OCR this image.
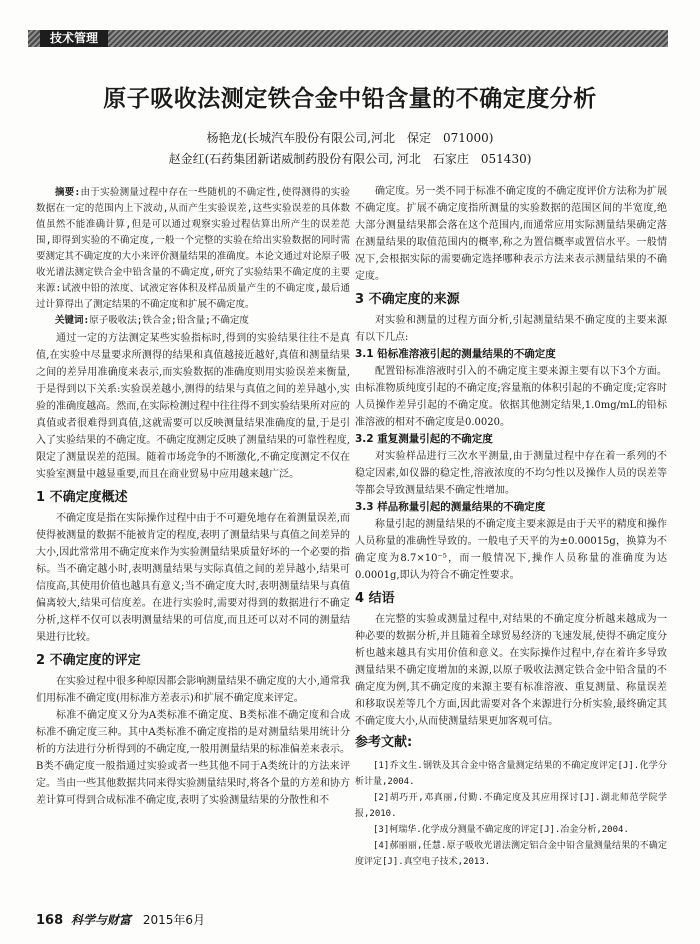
技术管理
原子吸收法测定铁合金中铅含量的不确定度分析
杨艳龙(长城汽车股份有限公司,河北　保定　071000)
赵金红(石药集团新诺威制药股份有限公司, 河北　石家庄　051430)
摘要:由于实验测量过程中存在一些随机的不确定性,使得测得的实验数据在一定的范围内上下波动,从而产生实验误差,这些实验误差的具体数值虽然不能准确计算,但是可以通过观察实验过程估算出所产生的误差范围,即得到实验的不确定度,一般一个完整的实验在给出实验数据的同时需要测定其不确定度的大小来评价测量结果的准确度。本论文通过对论原子吸收光谱法测定铁合金中铅含量的不确定度,研究了实验结果不确定度的主要来源:试液中铅的浓度、试液定容体积及样品质量产生的不确定度,最后通过计算得出了测定结果的不确定度和扩展不确定度。
关键词:原子吸收法;铁合金;铅含量;不确定度

通过一定的方法测定某些实验指标时,得到的实验结果往往不是真值,在实验中尽量要求所测得的结果和真值越接近越好,真值和测量结果之间的差异用准确度来表示,而实验数据的准确度则用实验误差来衡量,于是得到以下关系:实验误差越小,测得的结果与真值之间的差异越小,实验的准确度越高。然而,在实际检测过程中往往得不到实验结果所对应的真值或者很难得到真值,这就需要可以反映测量结果准确度的量,于是引入了实验结果的不确定度。不确定度测定反映了测量结果的可靠性程度,限定了测量误差的范围。随着市场竞争的不断激化,不确定度测定不仅在实验室测量中越显重要,而且在商业贸易中应用越来越广泛。

1 不确定度概述

不确定度是指在实际操作过程中由于不可避免地存在着测量误差,而使得被测量的数据不能被肯定的程度,表明了测量结果与真值之间差异的大小,因此常常用不确定度来作为实验测量结果质量好坏的一个必要的指标。当不确定越小时,表明测量结果与实际真值之间的差异越小,结果可信度高,其使用价值也越具有意义;当不确定度大时,表明测量结果与真值偏离较大,结果可信度差。在进行实验时,需要对得到的数据进行不确定分析,这样不仅可以表明测量结果的可信度,而且还可以对不同的测量结果进行比较。

2 不确定度的评定

在实验过程中很多种原因都会影响测量结果不确定度的大小,通常我们用标准不确定度(用标准方差表示)和扩展不确定度来评定。

标准不确定度又分为A类标准不确定度、B类标准不确定度和合成标准不确定度三种。其中A类标准不确定度指的是对测量结果用统计分析的方法进行分析得到的不确定度,一般用测量结果的标准偏差来表示。B类不确定度一般指通过实验或者一些其他不同于A类统计的方法来评定。当由一些其他数据共同来得实验测量结果时,将各个量的方差和协方差计算可得到合成标准不确定度,表明了实验测量结果的分散性和不

确定度。另一类不同于标准不确定度的不确定度评价方法称为扩展不确定度。扩展不确定度指所测量的实验数据的范围区间的半宽度,绝大部分测量结果都会落在这个范围内,而通常应用实际测量结果确定落在测量结果的取值范围内的概率,称之为置信概率或置信水平。一般情况下,会根据实际的需要确定选择哪种表示方法来表示测量结果的不确定度。

3 不确定度的来源

对实验和测量的过程方面分析,引起测量结果不确定度的主要来源有以下几点:

3.1 铅标准溶液引起的测量结果的不确定度

配置铅标准溶液时引入的不确定度主要来源主要有以下3个方面。由标准物质纯度引起的不确定度;容量瓶的体积引起的不确定度;定容时人员操作差异引起的不确定度。依据其他测定结果,1.0mg/mL的铅标准溶液的相对不确定度是0.0020。

3.2 重复测量引起的不确定度

对实验样品进行三次水平测量,由于测量过程中存在着一系列的不稳定因素,如仪器的稳定性,溶液浓度的不均匀性以及操作人员的误差等等都会导致测量结果不确定性增加。

3.3 样品称量引起的测量结果的不确定度

称量引起的测量结果的不确定度主要来源是由于天平的精度和操作人员称量的准确性导致的。一般电子天平的为±0.00015g，换算为不确定度为8.7×10⁻⁵，而一般情况下,操作人员称量的准确度为达0.0001g,即认为符合不确定性要求。

4 结语

在完整的实验或测量过程中,对结果的不确定度分析越来越成为一种必要的数据分析,并且随着全球贸易经济的飞速发展,使得不确定度分析也越来越具有实用价值和意义。在实际操作过程中,存在着许多导致测量结果不确定度增加的来源,以原子吸收法测定铁合金中铅含量的不确定度为例,其不确定度的来源主要有标准溶液、重复测量、称量误差和移取误差等几个方面,因此需要对各个来源进行分析实验,最终确定其不确定度大小,从而使测量结果更加客观可信。

参考文献:

[1]乔文生.钢铁及其合金中铬含量测定结果的不确定度评定[J].化学分析计量,2004.

[2]胡巧开,邓真丽,付勤.不确定度及其应用探讨[J].湖北师范学院学报,2010.

[3]柯瑞华.化学成分测量不确定度的评定[J].冶金分析,2004.

[4]郝丽丽,任慧.原子吸收光谱法测定铝合金中铅含量测量结果的不确定度评定[J].真空电子技术,2013.

168 科学与财富 2015年6月
